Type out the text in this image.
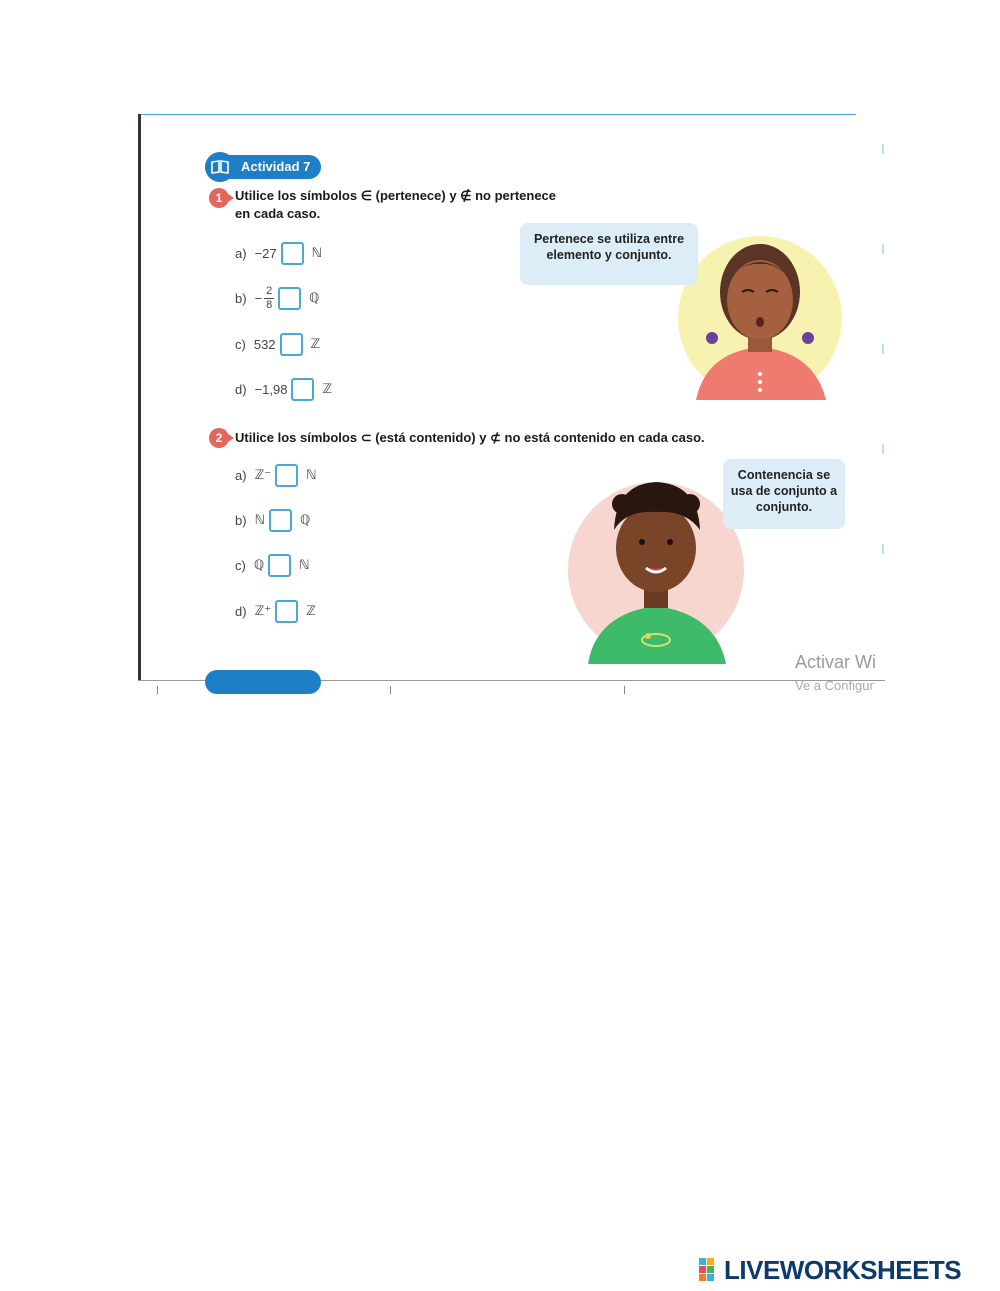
Actividad 7
1 Utilice los símbolos ∈ (pertenece) y ∉ no pertenece
en cada caso.
a) −27	ℕ
$b) - \frac{2}{8}$	ℚ
c) 532	ℤ
d) −1,98	ℤ
Pertenece se utiliza entre elemento y conjunto.
2 Utilice los símbolos ⊂ (está contenido) y ⊄ no está contenido en cada caso.
a) ℤ⁻	ℕ
b) ℕ	ℚ
c) ℚ	ℕ
d) ℤ⁺	ℤ
Contenencia se usa de conjunto a conjunto.
Activar Wi
Ve a Configur
LIVEWORKSHEETS
